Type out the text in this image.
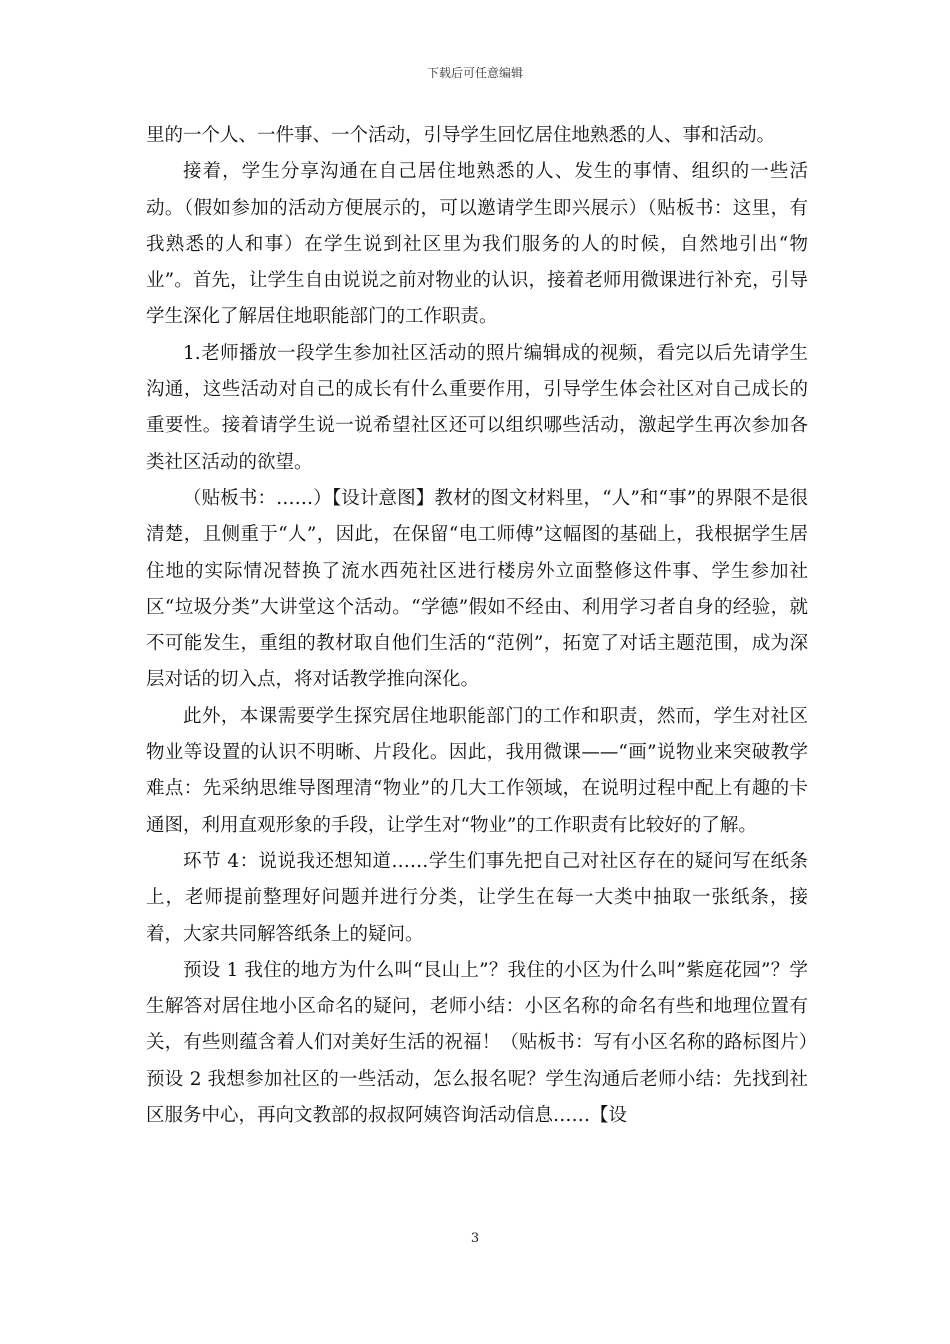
下载后可任意编辑

里的一个人、一件事、一个活动，引导学生回忆居住地熟悉的人、事和活动。

接着，学生分享沟通在自己居住地熟悉的人、发生的事情、组织的一些活动。（假如参加的活动方便展示的，可以邀请学生即兴展示）（贴板书：这里，有我熟悉的人和事）在学生说到社区里为我们服务的人的时候，自然地引出“物业”。首先，让学生自由说说之前对物业的认识，接着老师用微课进行补充，引导学生深化了解居住地职能部门的工作职责。

1.老师播放一段学生参加社区活动的照片编辑成的视频，看完以后先请学生沟通，这些活动对自己的成长有什么重要作用，引导学生体会社区对自己成长的重要性。接着请学生说一说希望社区还可以组织哪些活动，激起学生再次参加各类社区活动的欲望。

（贴板书：……）【设计意图】教材的图文材料里，“人”和“事”的界限不是很清楚，且侧重于“人”，因此，在保留“电工师傅”这幅图的基础上，我根据学生居住地的实际情况替换了流水西苑社区进行楼房外立面整修这件事、学生参加社区“垃圾分类”大讲堂这个活动。“学德”假如不经由、利用学习者自身的经验，就不可能发生，重组的教材取自他们生活的“范例”，拓宽了对话主题范围，成为深层对话的切入点，将对话教学推向深化。

此外，本课需要学生探究居住地职能部门的工作和职责，然而，学生对社区物业等设置的认识不明晰、片段化。因此，我用微课——“画”说物业来突破教学难点：先采纳思维导图理清“物业”的几大工作领域，在说明过程中配上有趣的卡通图，利用直观形象的手段，让学生对“物业”的工作职责有比较好的了解。

环节 4：说说我还想知道……学生们事先把自己对社区存在的疑问写在纸条上，老师提前整理好问题并进行分类，让学生在每一大类中抽取一张纸条，接着，大家共同解答纸条上的疑问。

预设 1 我住的地方为什么叫“艮山上”？我住的小区为什么叫”紫庭花园”？学生解答对居住地小区命名的疑问，老师小结：小区名称的命名有些和地理位置有关，有些则蕴含着人们对美好生活的祝福！（贴板书：写有小区名称的路标图片）预设 2 我想参加社区的一些活动，怎么报名呢？学生沟通后老师小结：先找到社区服务中心，再向文教部的叔叔阿姨咨询活动信息……【设

3
